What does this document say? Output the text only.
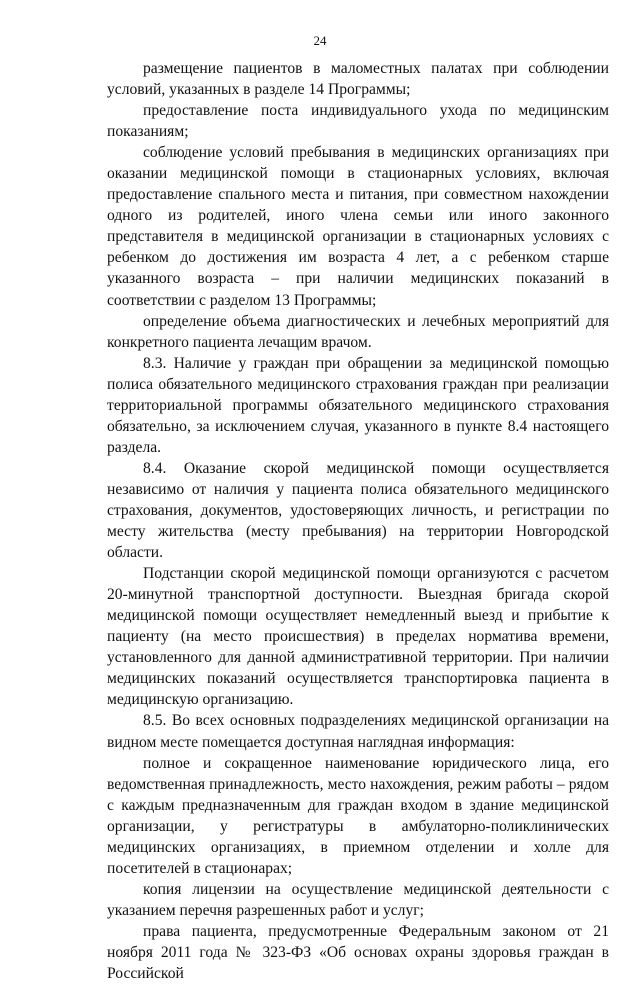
24

размещение пациентов в маломестных палатах при соблюдении условий, указанных в разделе 14 Программы;

предоставление поста индивидуального ухода по медицинским показаниям;

соблюдение условий пребывания в медицинских организациях при оказании медицинской помощи в стационарных условиях, включая предоставление спального места и питания, при совместном нахождении одного из родителей, иного члена семьи или иного законного представителя в медицинской организации в стационарных условиях с ребенком до достижения им возраста 4 лет, а с ребенком старше указанного возраста – при наличии медицинских показаний в соответствии с разделом 13 Программы;

определение объема диагностических и лечебных мероприятий для конкретного пациента лечащим врачом.

8.3. Наличие у граждан при обращении за медицинской помощью полиса обязательного медицинского страхования граждан при реализации территориальной программы обязательного медицинского страхования обязательно, за исключением случая, указанного в пункте 8.4 настоящего раздела.

8.4. Оказание скорой медицинской помощи осуществляется независимо от наличия у пациента полиса обязательного медицинского страхования, документов, удостоверяющих личность, и регистрации по месту жительства (месту пребывания) на территории Новгородской области.

Подстанции скорой медицинской помощи организуются с расчетом 20-минутной транспортной доступности. Выездная бригада скорой медицинской помощи осуществляет немедленный выезд и прибытие к пациенту (на место происшествия) в пределах норматива времени, установленного для данной административной территории. При наличии медицинских показаний осуществляется транспортировка пациента в медицинскую организацию.

8.5. Во всех основных подразделениях медицинской организации на видном месте помещается доступная наглядная информация:

полное и сокращенное наименование юридического лица, его ведомственная принадлежность, место нахождения, режим работы – рядом с каждым предназначенным для граждан входом в здание медицинской организации, у регистратуры в амбулаторно-поликлинических медицинских организациях, в приемном отделении и холле для посетителей в стационарах;

копия лицензии на осуществление медицинской деятельности с указанием перечня разрешенных работ и услуг;

права пациента, предусмотренные Федеральным законом от 21 ноября 2011 года № 323-ФЗ «Об основах охраны здоровья граждан в Российской
